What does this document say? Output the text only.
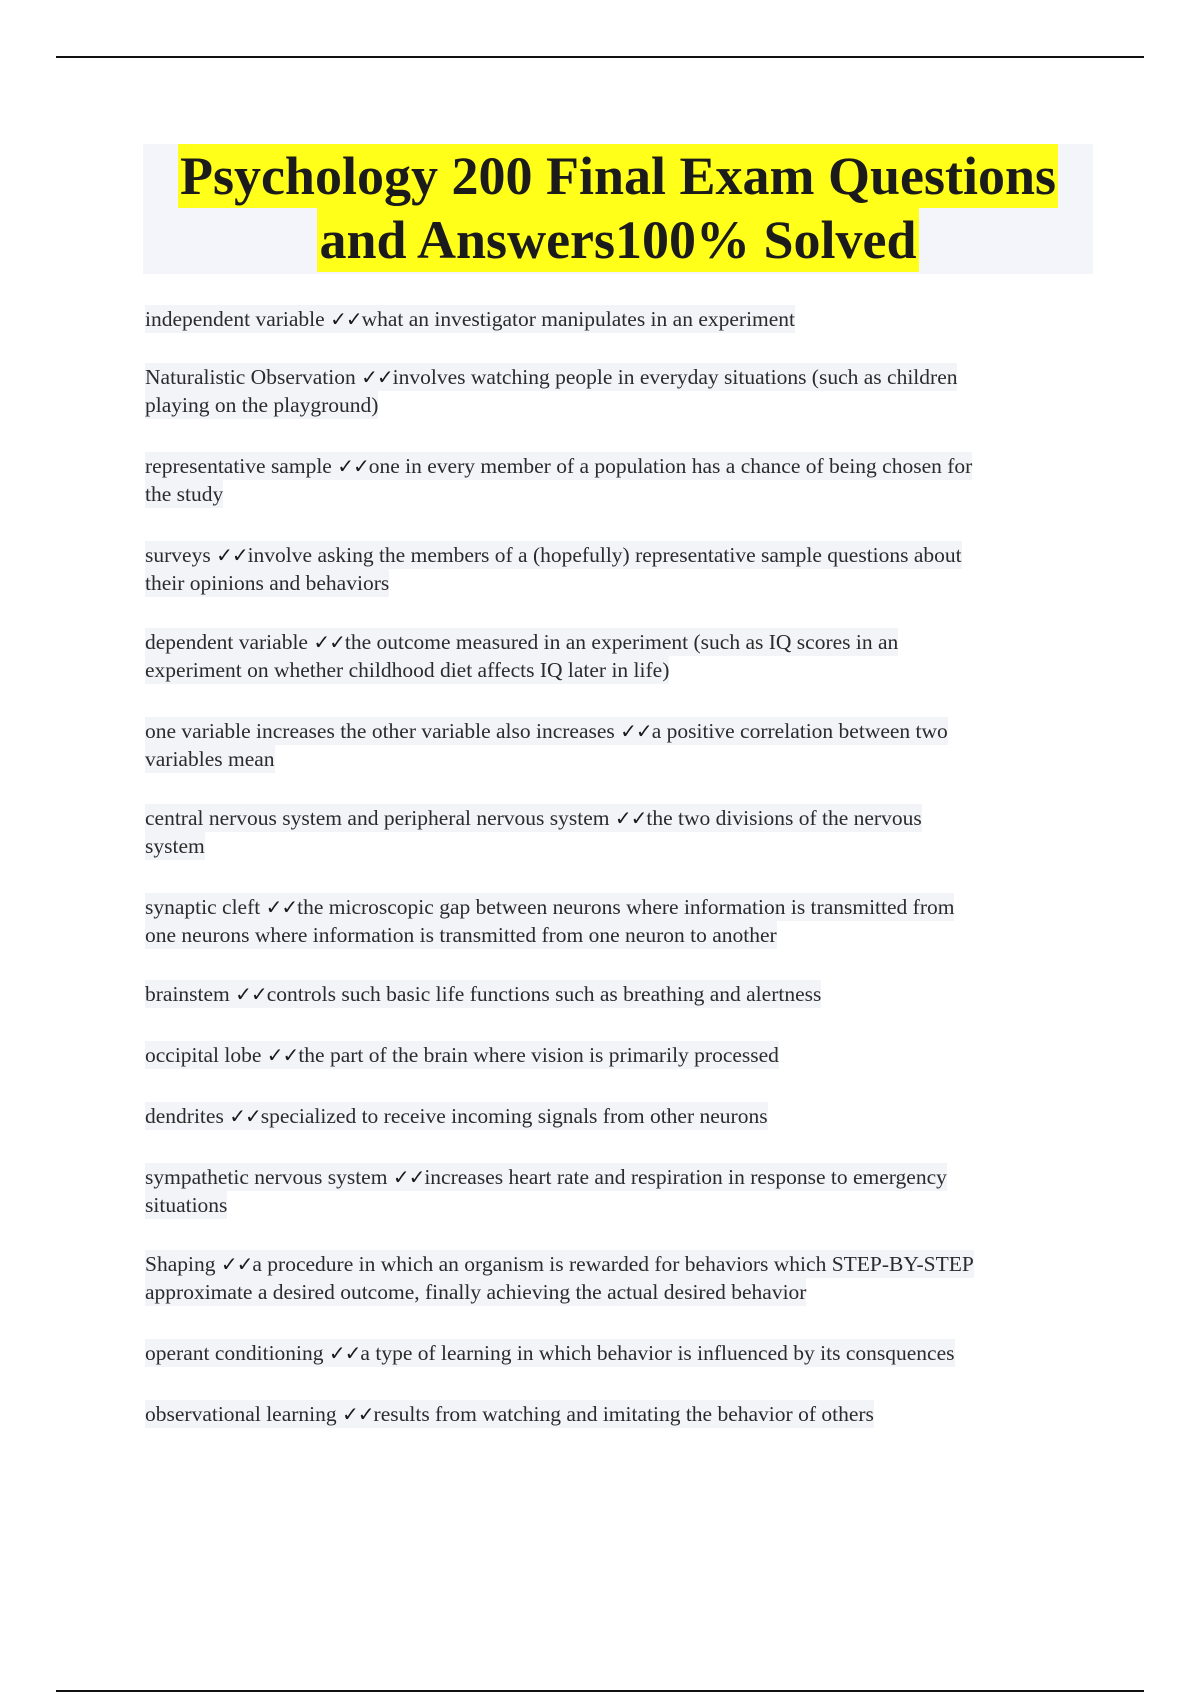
Psychology 200 Final Exam Questions
and Answers100% Solved
independent variable ✓✓what an investigator manipulates in an experiment
Naturalistic Observation ✓✓involves watching people in everyday situations (such as children
playing on the playground)
representative sample ✓✓one in every member of a population has a chance of being chosen for
the study
surveys ✓✓involve asking the members of a (hopefully) representative sample questions about
their opinions and behaviors
dependent variable ✓✓the outcome measured in an experiment (such as IQ scores in an
experiment on whether childhood diet affects IQ later in life)
one variable increases the other variable also increases ✓✓a positive correlation between two
variables mean
central nervous system and peripheral nervous system ✓✓the two divisions of the nervous
system
synaptic cleft ✓✓the microscopic gap between neurons where information is transmitted from
one neurons where information is transmitted from one neuron to another
brainstem ✓✓controls such basic life functions such as breathing and alertness
occipital lobe ✓✓the part of the brain where vision is primarily processed
dendrites ✓✓specialized to receive incoming signals from other neurons
sympathetic nervous system ✓✓increases heart rate and respiration in response to emergency
situations
Shaping ✓✓a procedure in which an organism is rewarded for behaviors which STEP-BY-STEP
approximate a desired outcome, finally achieving the actual desired behavior
operant conditioning ✓✓a type of learning in which behavior is influenced by its consquences
observational learning ✓✓results from watching and imitating the behavior of others
